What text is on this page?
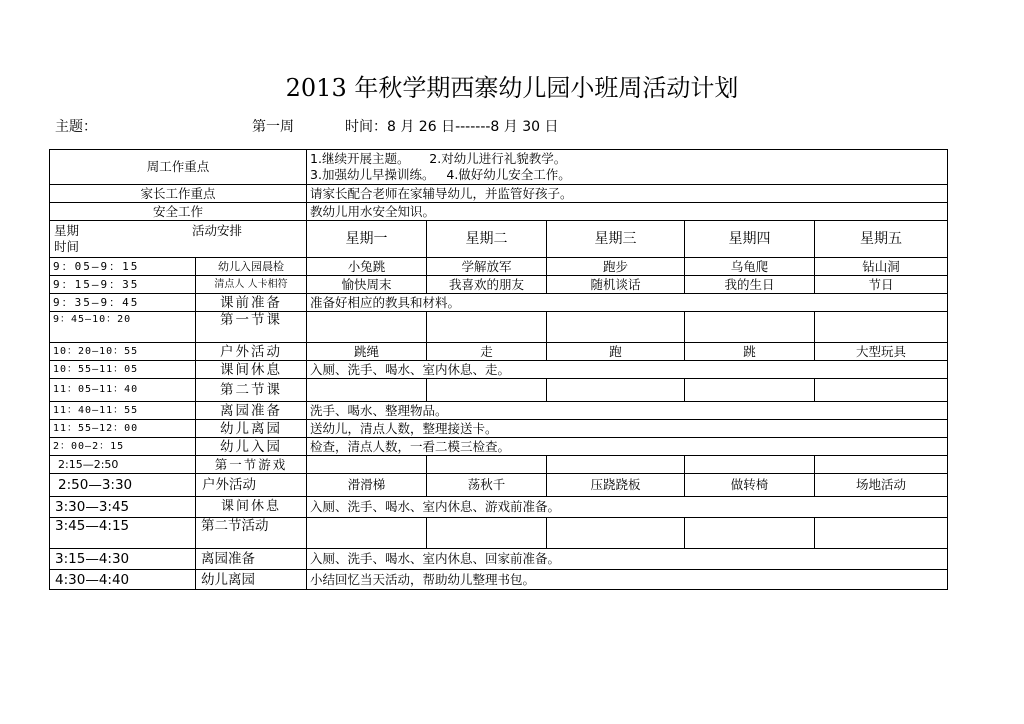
2013 年秋学期西寨幼儿园小班周活动计划
主题：	第一周	时间：8 月 26 日-------8 月 30 日
周工作重点		1.继续开展主题。     2.对幼儿进行礼貌教学。
3.加强幼儿早操训练。   4.做好幼儿安全工作。				

家长工作重点		请家长配合老师在家辅导幼儿，并监管好孩子。				
安全工作		教幼儿用水安全知识。				

星期
时间
活动安排		星期一	星期二	星期三	星期四	星期五
9：05—9：15	幼儿入园晨检	小兔跳	学解放军	跑步	乌龟爬	钻山洞
9：15—9：35	清点人 人卡相符	愉快周末	我喜欢的朋友	随机谈话	我的生日	节日
9：35—9：45	课前准备	准备好相应的教具和材料。				
9：45—10：20	第一节课					
10：20—10：55	户外活动	跳绳	走	跑	跳	大型玩具
10：55—11：05	课间休息	入厕、洗手、喝水、室内休息、走。				
11：05—11：40	第二节课					
11：40—11：55	离园准备	洗手、喝水、整理物品。				
11：55—12：00	幼儿离园	送幼儿，清点人数，整理接送卡。				
2：00—2：15	幼儿入园	检查，清点人数，一看二模三检查。				
2:15—2:50	第一节游戏					
2:50—3:30	户外活动	滑滑梯	荡秋千	压跷跷板	做转椅	场地活动
3:30—3:45	课间休息	入厕、洗手、喝水、室内休息、游戏前准备。				
3:45—4:15	第二节活动					
3:15—4:30	离园准备	入厕、洗手、喝水、室内休息、回家前准备。				
4:30—4:40	幼儿离园	小结回忆当天活动，帮助幼儿整理书包。				
